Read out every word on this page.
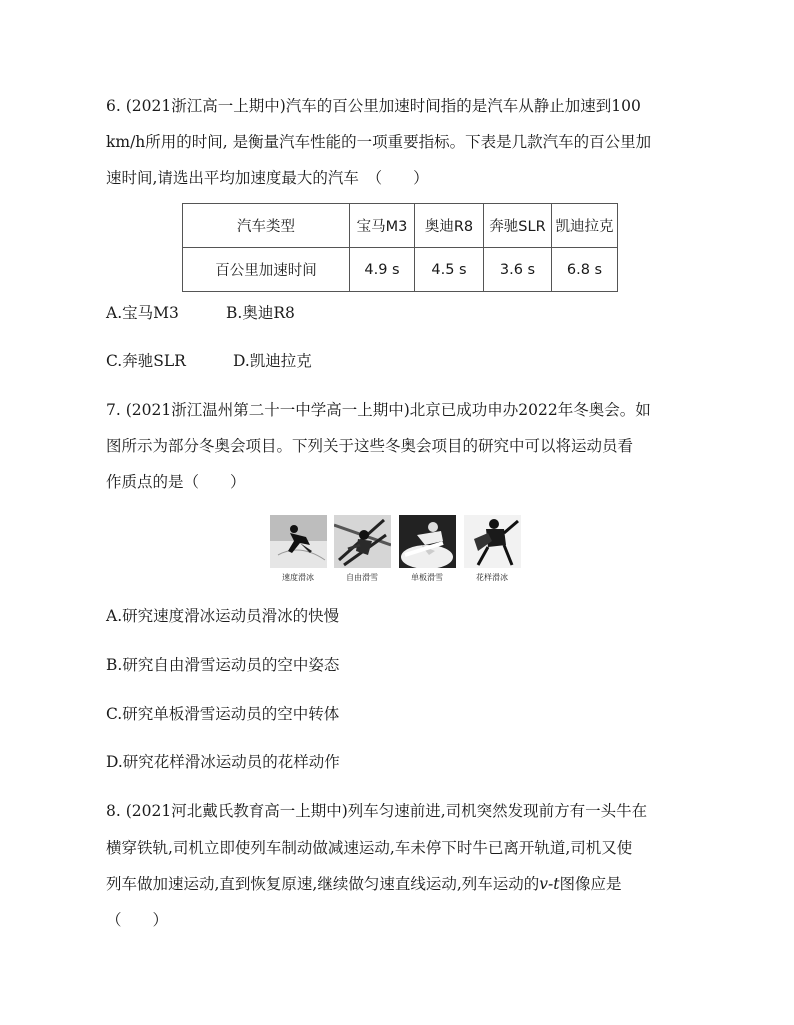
6. (2021浙江高一上期中)汽车的百公里加速时间指的是汽车从静止加速到100
km/h所用的时间, 是衡量汽车性能的一项重要指标。下表是几款汽车的百公里加
速时间,请选出平均加速度最大的汽车　（　　）
汽车类型	宝马M3	奥迪R8	奔驰SLR	凯迪拉克
百公里加速时间	4.9 s	4.5 s	3.6 s	6.8 s
A.宝马M3	B.奥迪R8
C.奔驰SLR	D.凯迪拉克
7. (2021浙江温州第二十一中学高一上期中)北京已成功申办2022年冬奥会。如
图所示为部分冬奥会项目。下列关于这些冬奥会项目的研究中可以将运动员看
作质点的是（　　）
速度滑冰	自由滑雪	单板滑雪	花样滑冰
A.研究速度滑冰运动员滑冰的快慢
B.研究自由滑雪运动员的空中姿态
C.研究单板滑雪运动员的空中转体
D.研究花样滑冰运动员的花样动作
8. (2021河北戴氏教育高一上期中)列车匀速前进,司机突然发现前方有一头牛在
横穿铁轨,司机立即使列车制动做减速运动,车未停下时牛已离开轨道,司机又使
列车做加速运动,直到恢复原速,继续做匀速直线运动,列车运动的v-t图像应是
（　　）
